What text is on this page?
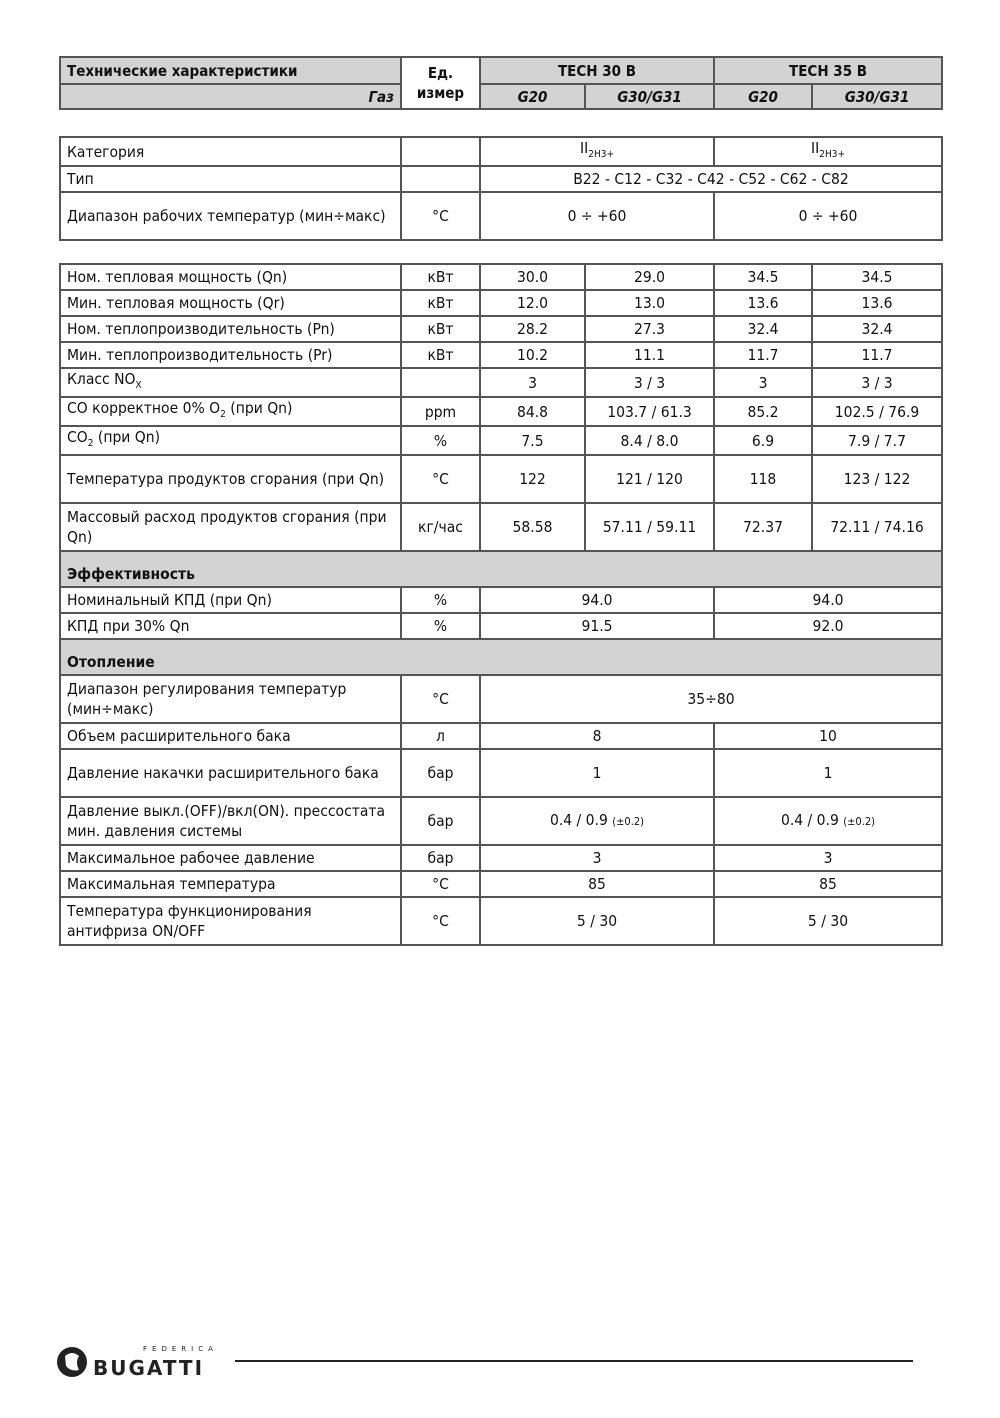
Технические характеристики	Ед. измер	TECH 30 B		TECH 35 B	
Газ		G20	G30/G31	G20	G30/G31
Категория		$II_{2H3+}$	$II_{2H3+}$
Тип		B22 - C12 - C32 - C42 - C52 - C62 - C82	
Диапазон рабочих температур (мин÷макс)	°C	0 ÷ +60	0 ÷ +60
Ном. тепловая мощность (Qn)	кВт	30.0	29.0	34.5	34.5
Мин. тепловая мощность (Qr)	кВт	12.0	13.0	13.6	13.6
Ном. теплопроизводительность (Pn)	кВт	28.2	27.3	32.4	32.4
Мин. теплопроизводительность (Pr)	кВт	10.2	11.1	11.7	11.7
Класс $NO_X$		3	3 / 3	3	3 / 3
CO корректное 0% $O_2$ (при Qn)	ppm	84.8	103.7 / 61.3	85.2	102.5 / 76.9
$CO_2$ (при Qn)	%	7.5	8.4 / 8.0	6.9	7.9 / 7.7
Температура продуктов сгорания (при Qn)	°C	122	121 / 120	118	123 / 122
Массовый расход продуктов сгорания (при Qn)	кг/час	58.58	57.11 / 59.11	72.37	72.11 / 74.16
Эффективность					
Номинальный КПД (при Qn)	%	94.0		94.0	
КПД при 30% Qn	%	91.5		92.0	
Отопление					
Диапазон регулирования температур (мин÷макс)	°C	35÷80			
Объем расширительного бака	л	8		10	
Давление накачки расширительного бака	бар	1		1	
Давление выкл.(OFF)/вкл(ON). прессостата мин. давления системы	бар	0.4 / 0.9 (±0.2)		0.4 / 0.9 (±0.2)	
Максимальное рабочее давление	бар	3		3	
Максимальная температура	°C	85		85	
Температура функционирования антифриза ON/OFF	°C	5 / 30		5 / 30	
FEDERICA
BUGATTI
